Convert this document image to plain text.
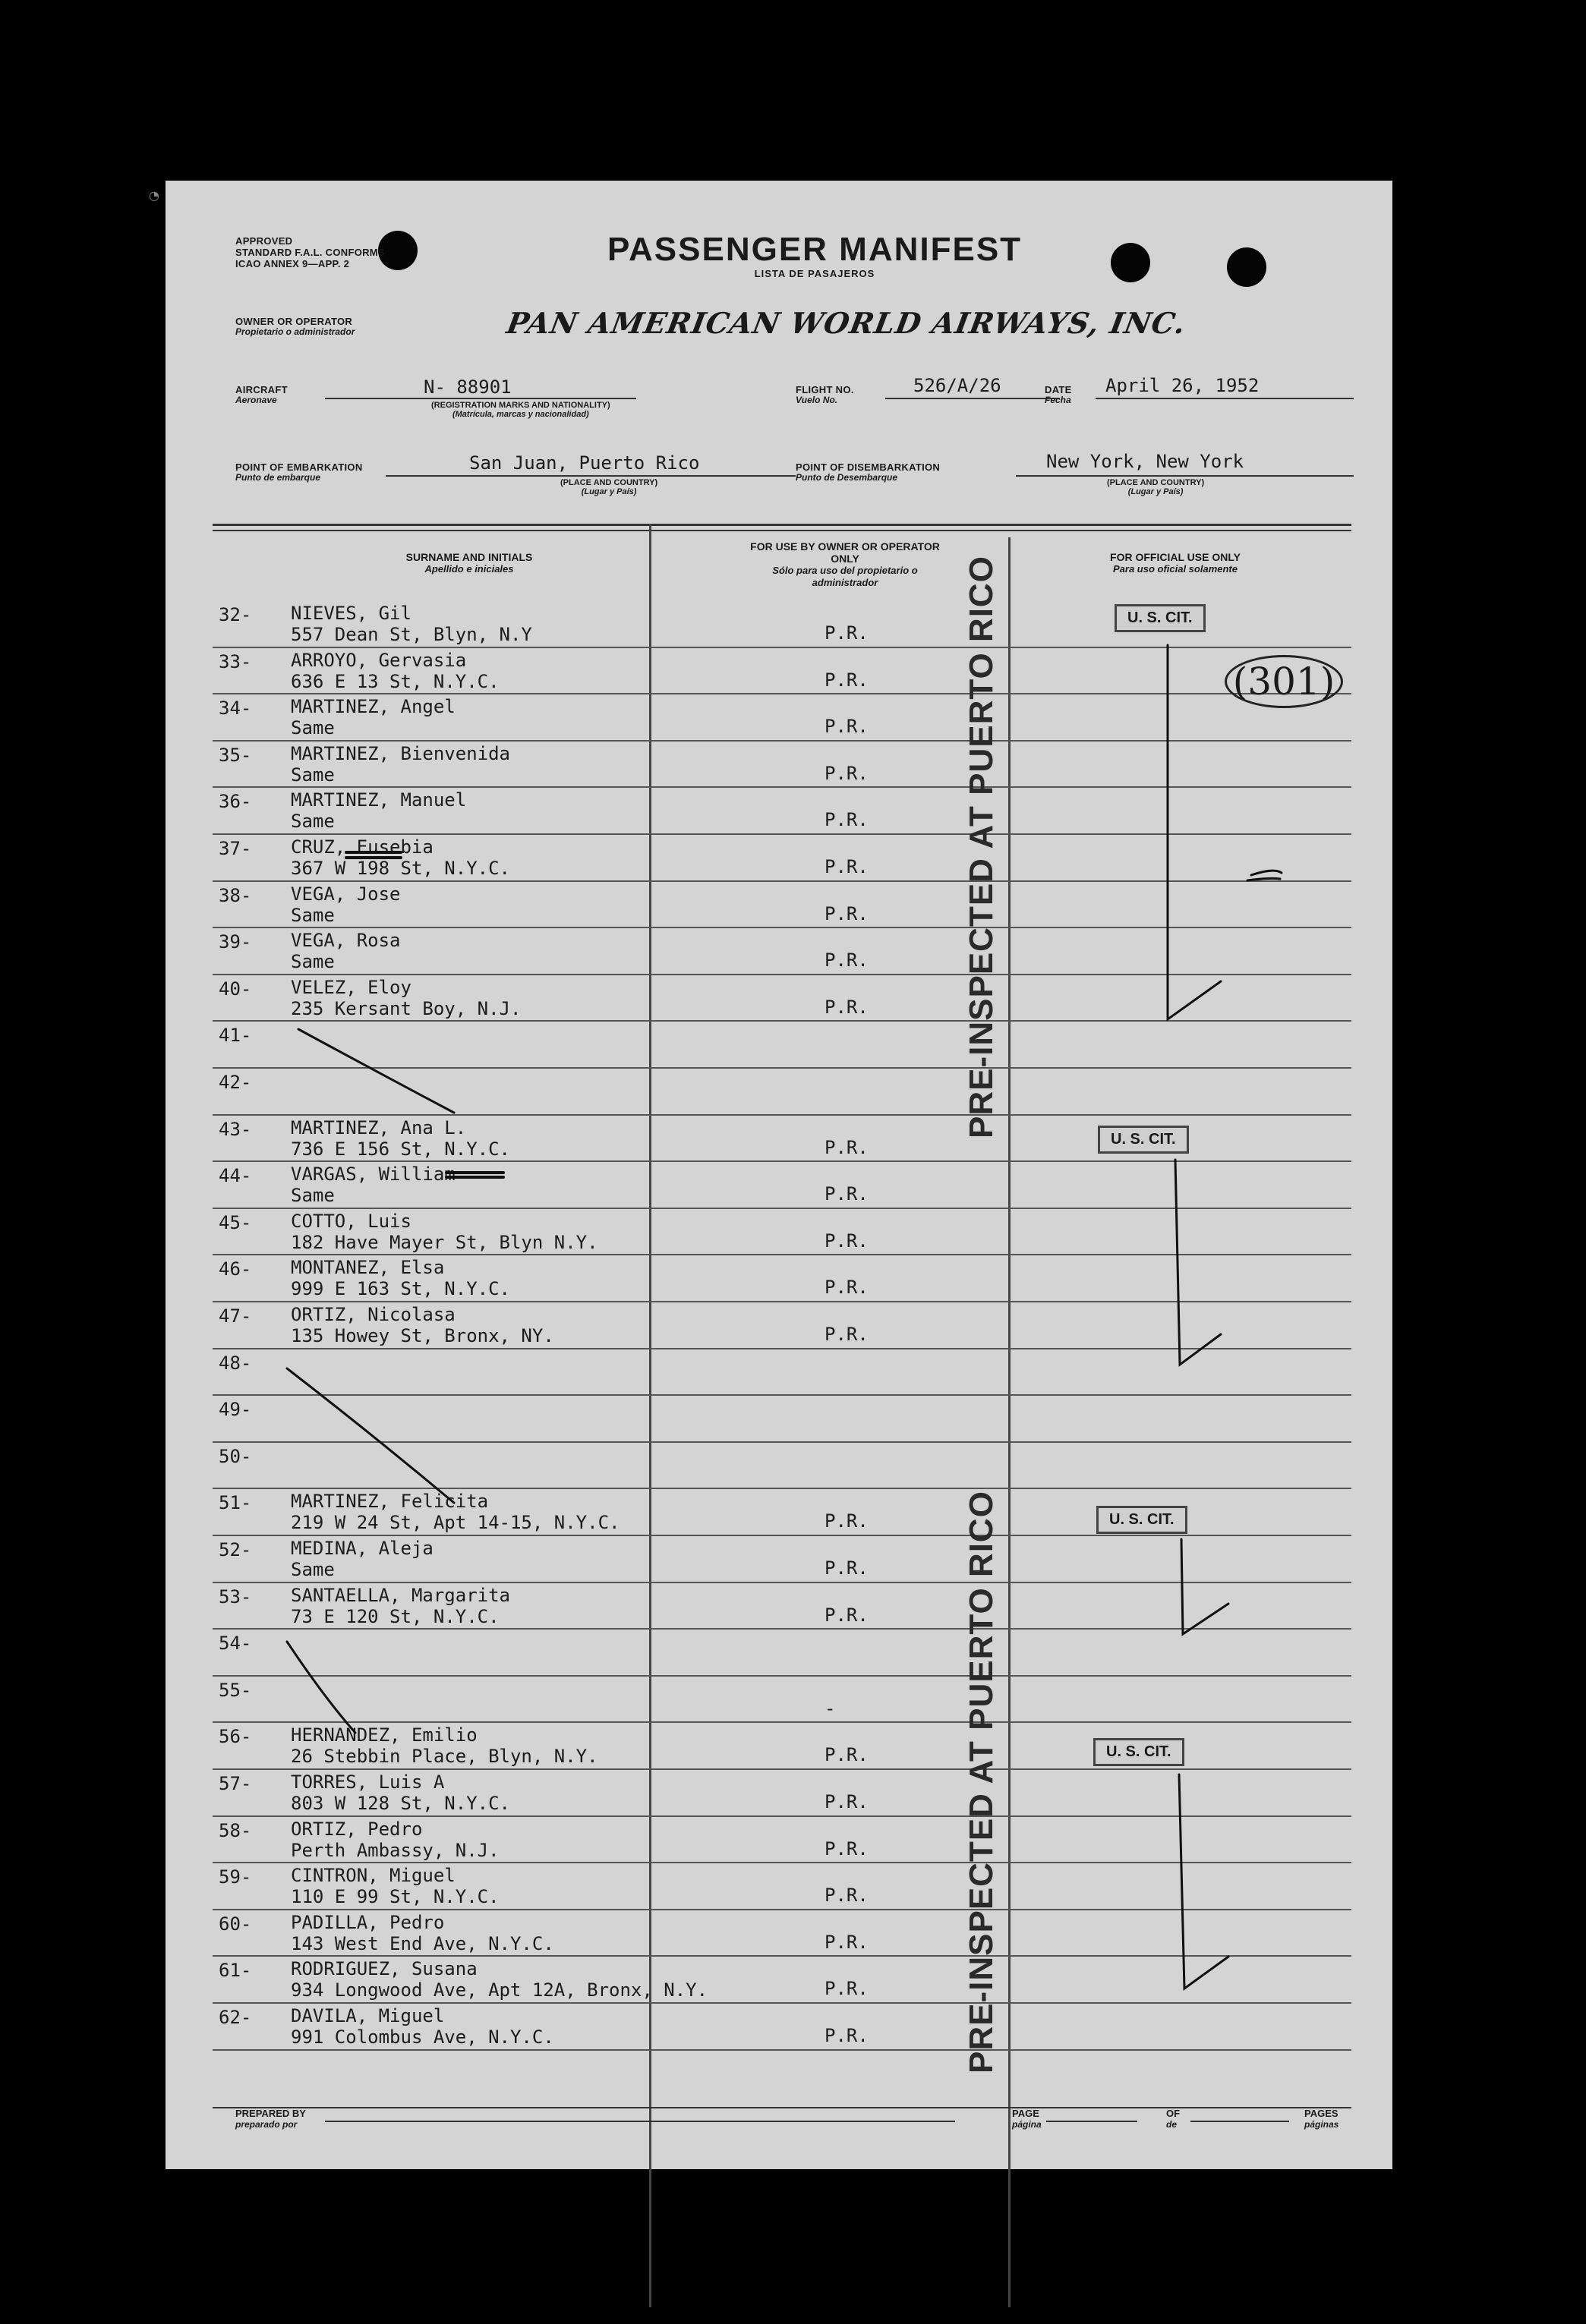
◔
APPROVED
STANDARD F.A.L. CONFORMS
ICAO ANNEX 9—APP. 2	PASSENGER MANIFEST
LISTA DE PASAJEROS
OWNER OR OPERATOR
Propietario o administrador	PAN AMERICAN WORLD AIRWAYS, INC.
AIRCRAFT
Aeronave
N- 88901
(REGISTRATION MARKS AND NATIONALITY)
(Matrícula, marcas y nacionalidad)
FLIGHT NO.
Vuelo No.
526/A/26	DATE
Fecha
April 26, 1952
POINT OF EMBARKATION
Punto de embarque
San Juan, Puerto Rico
(PLACE AND COUNTRY)
(Lugar y País)
POINT OF DISEMBARKATION
Punto de Desembarque
New York, New York
(PLACE AND COUNTRY)
(Lugar y País)
SURNAME AND INITIALS
Apellido e iniciales
FOR USE BY OWNER OR OPERATOR ONLY
Sólo para uso del propietario o administrador
FOR OFFICIAL USE ONLY
Para uso oficial solamente
32- NIEVES, Gil
557 Dean St, Blyn, N.Y	P.R.
33- ARROYO, Gervasia
636 E 13 St, N.Y.C.	P.R.
34- MARTINEZ, Angel
Same	P.R.
35- MARTINEZ, Bienvenida
Same	P.R.
36- MARTINEZ, Manuel
Same	P.R.
37- CRUZ, Eusebia
367 W 198 St, N.Y.C.	P.R.
38- VEGA, Jose
Same	P.R.
39- VEGA, Rosa
Same	P.R.
40- VELEZ, Eloy
235 Kersant Boy, N.J.	P.R.
41-
42-
43- MARTINEZ, Ana L.
736 E 156 St, N.Y.C.	P.R.
44- VARGAS, William
Same	P.R.
45- COTTO, Luis
182 Have Mayer St, Blyn N.Y.	P.R.
46- MONTANEZ, Elsa
999 E 163 St, N.Y.C.	P.R.
47- ORTIZ, Nicolasa
135 Howey St, Bronx, NY.	P.R.
48-
49-
50-
51- MARTINEZ, Felicita
219 W 24 St, Apt 14-15, N.Y.C.	P.R.
52- MEDINA, Aleja
Same	P.R.
53- SANTAELLA, Margarita
73 E 120 St, N.Y.C.	P.R.
54-
55-
-
56- HERNANDEZ, Emilio
26 Stebbin Place, Blyn, N.Y.	P.R.
57- TORRES, Luis A
803 W 128 St, N.Y.C.	P.R.
58- ORTIZ, Pedro
Perth Ambassy, N.J.	P.R.
59- CINTRON, Miguel
110 E 99 St, N.Y.C.	P.R.
60- PADILLA, Pedro
143 West End Ave, N.Y.C.	P.R.
61- RODRIGUEZ, Susana
934 Longwood Ave, Apt 12A, Bronx, N.Y.	P.R.
62- DAVILA, Miguel
991 Colombus Ave, N.Y.C.	P.R.
PRE-INSPECTED AT PUERTO RICO
PRE-INSPECTED AT PUERTO RICO
U. S. CIT.
U. S. CIT.
U. S. CIT.
U. S. CIT.
(301)
PREPARED BY
preparado por
PAGE
página
OF
de
PAGES
páginas
